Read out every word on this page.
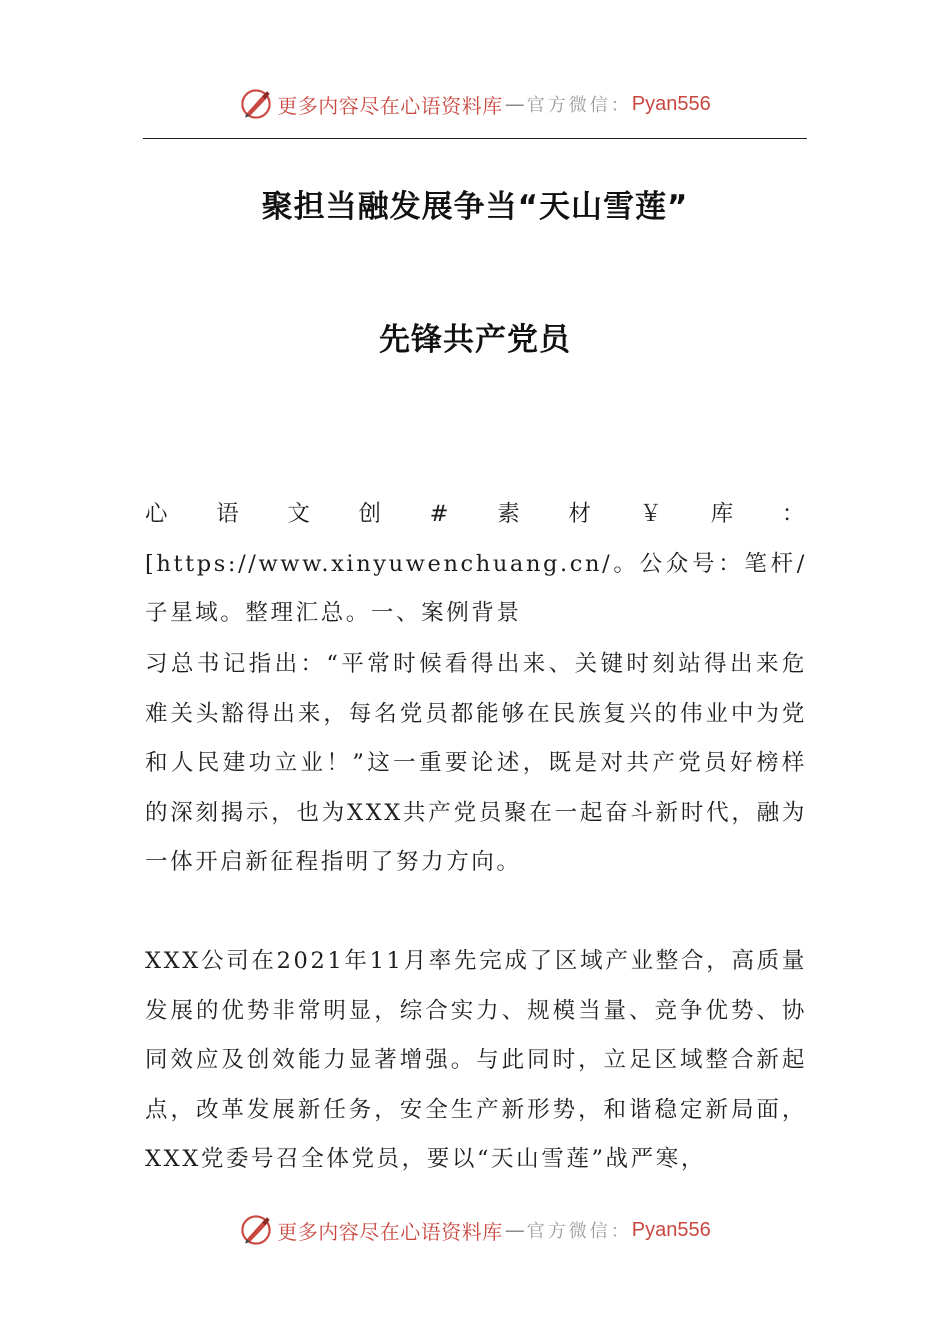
更多内容尽在心语资料库 — 官方微信： Pyan556
聚担当融发展争当“天山雪莲”
先锋共产党员

心语文创#素材￥库：[https://www.xinyuwenchuang.cn/。公众号：笔杆/子星域。整理汇总。一、案例背景

习总书记指出：“平常时候看得出来、关键时刻站得出来危难关头豁得出来，每名党员都能够在民族复兴的伟业中为党和人民建功立业！”这一重要论述，既是对共产党员好榜样的深刻揭示，也为XXX共产党员聚在一起奋斗新时代，融为一体开启新征程指明了努力方向。

XXX公司在2021年11月率先完成了区域产业整合，高质量发展的优势非常明显，综合实力、规模当量、竞争优势、协同效应及创效能力显著增强。与此同时，立足区域整合新起点，改革发展新任务，安全生产新形势，和谐稳定新局面，XXX党委号召全体党员，要以“天山雪莲”战严寒，

更多内容尽在心语资料库 — 官方微信： Pyan556
